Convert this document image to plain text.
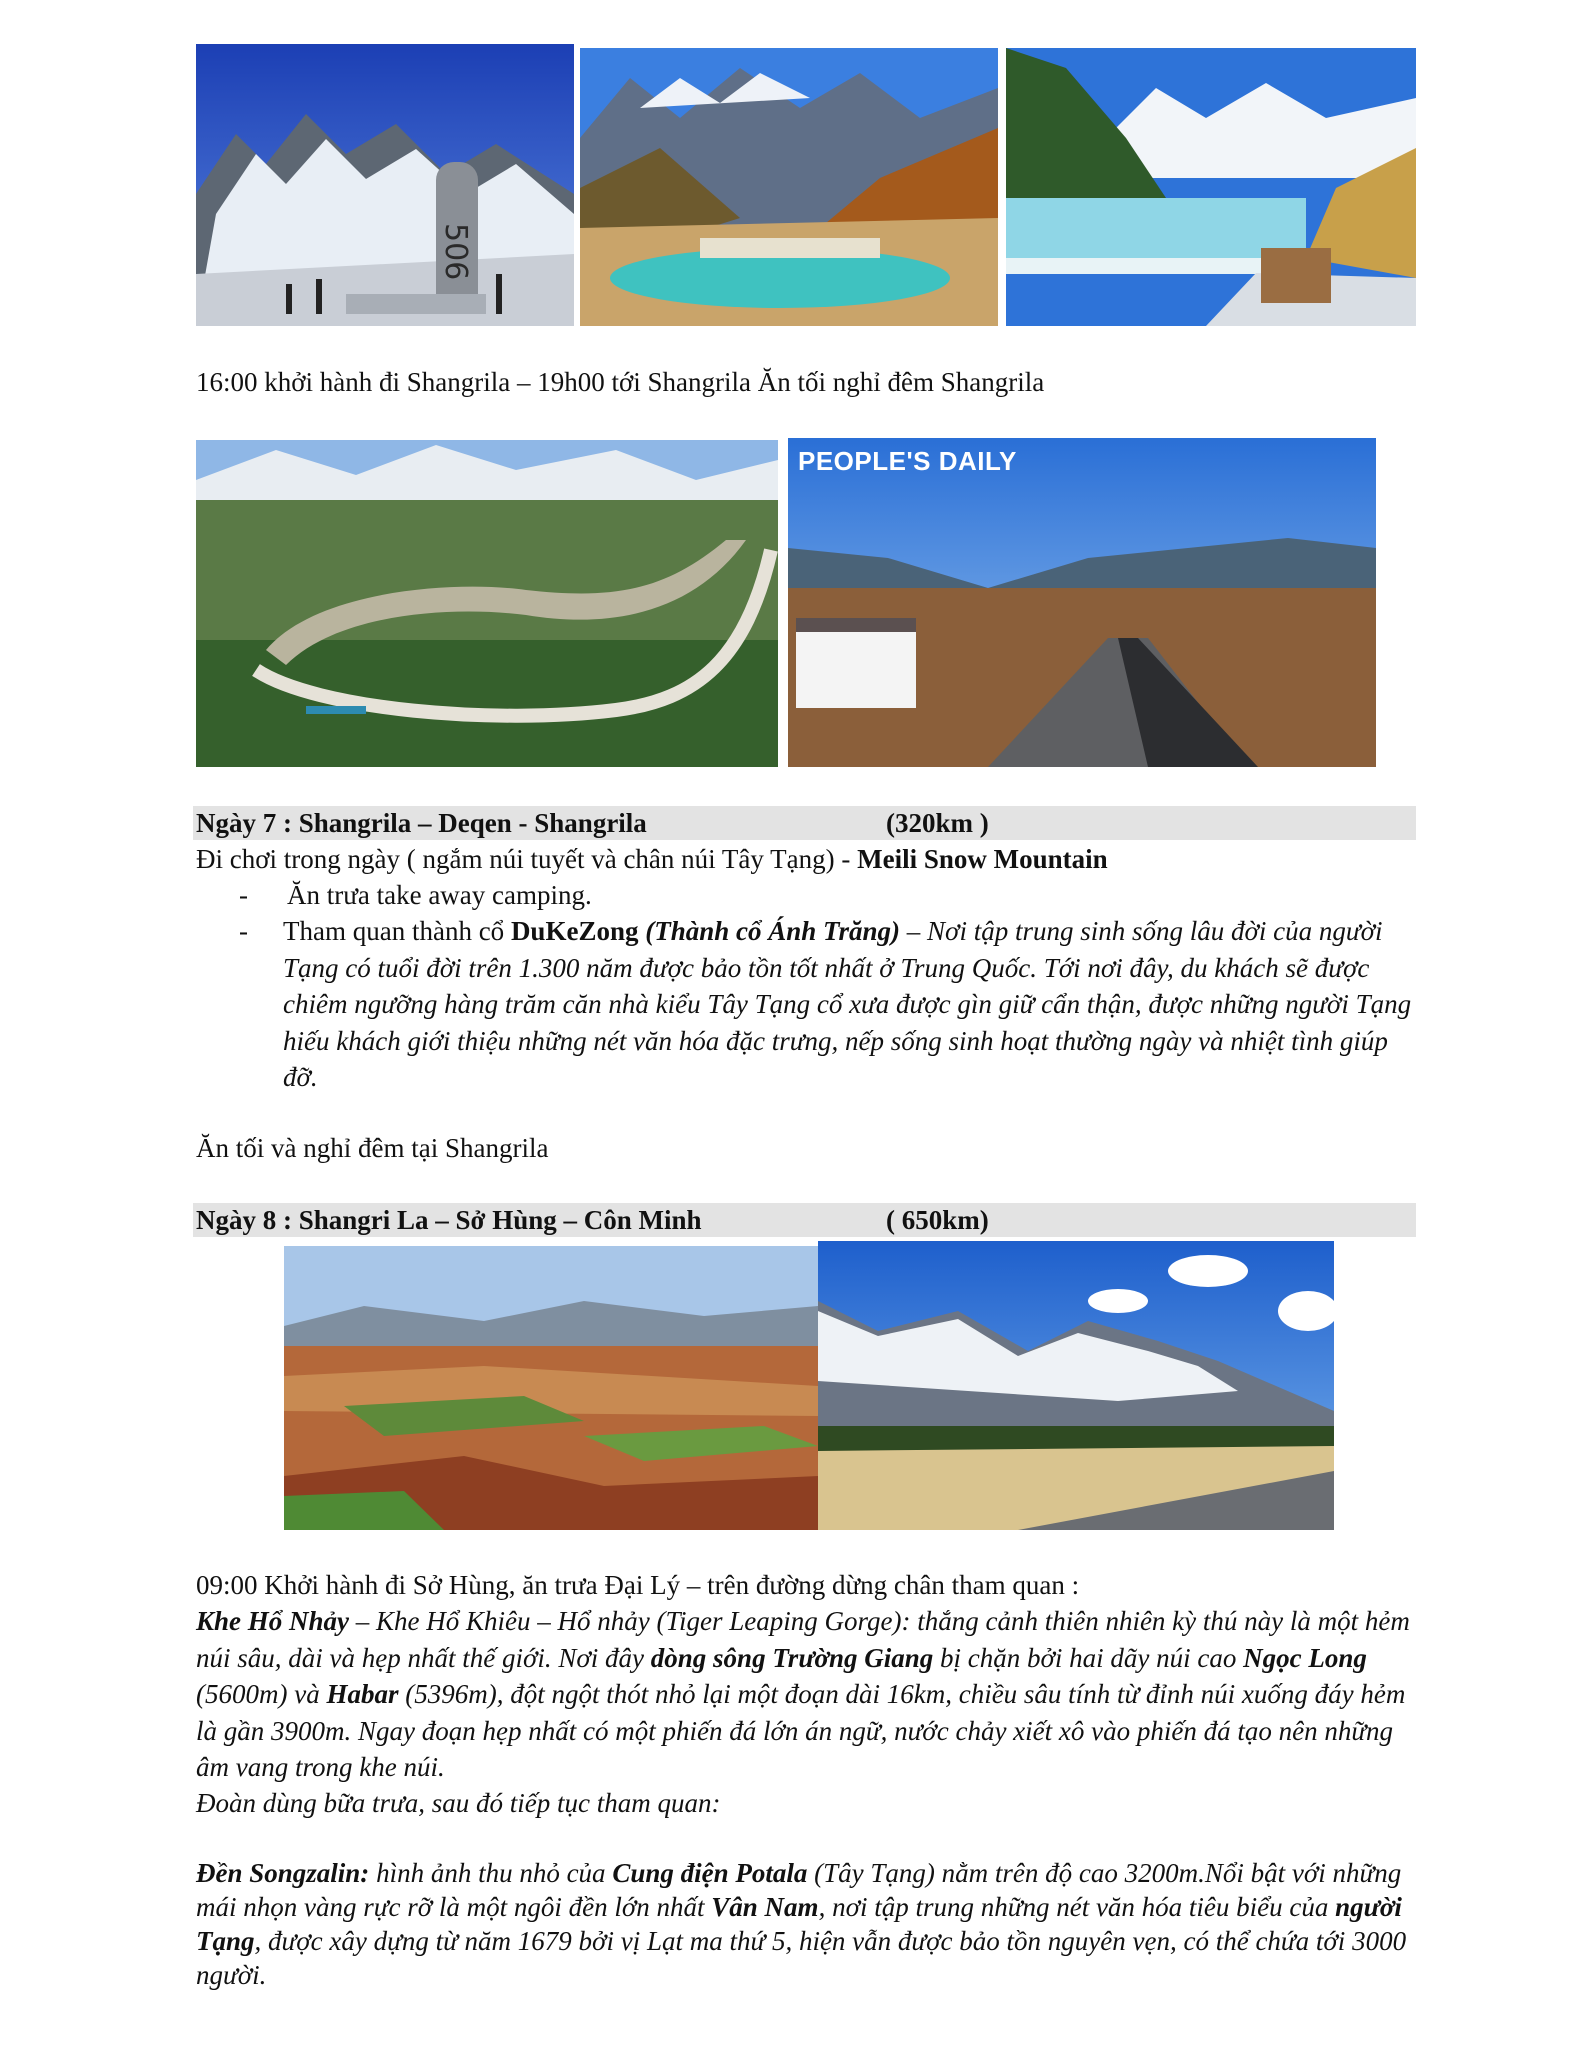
506
16:00 khởi hành đi Shangrila – 19h00 tới Shangrila Ăn tối nghỉ đêm Shangrila
PEOPLE'S DAILY
Ngày 7 : Shangrila – Deqen - Shangrila	(320km )
Đi chơi trong ngày ( ngắm núi tuyết và chân núi Tây Tạng) - Meili Snow Mountain
- Ăn trưa take away camping.
- Tham quan thành cổ DuKeZong (Thành cổ Ánh Trăng) – Nơi tập trung sinh sống lâu đời của người Tạng có tuổi đời trên 1.300 năm được bảo tồn tốt nhất ở Trung Quốc. Tới nơi đây, du khách sẽ được chiêm ngưỡng hàng trăm căn nhà kiểu Tây Tạng cổ xưa được gìn giữ cẩn thận, được những người Tạng hiếu khách giới thiệu những nét văn hóa đặc trưng, nếp sống sinh hoạt thường ngày và nhiệt tình giúp đỡ.
Ăn tối và nghỉ đêm tại Shangrila
Ngày 8 : Shangri La – Sở Hùng – Côn Minh	( 650km)
09:00 Khởi hành đi Sở Hùng, ăn trưa Đại Lý – trên đường dừng chân tham quan :
Khe Hổ Nhảy – Khe Hổ Khiêu – Hổ nhảy (Tiger Leaping Gorge): thắng cảnh thiên nhiên kỳ thú này là một hẻm núi sâu, dài và hẹp nhất thế giới. Nơi đây dòng sông Trường Giang bị chặn bởi hai dãy núi cao Ngọc Long (5600m) và Habar (5396m), đột ngột thót nhỏ lại một đoạn dài 16km, chiều sâu tính từ đỉnh núi xuống đáy hẻm là gần 3900m. Ngay đoạn hẹp nhất có một phiến đá lớn án ngữ, nước chảy xiết xô vào phiến đá tạo nên những âm vang trong khe núi.
Đoàn dùng bữa trưa, sau đó tiếp tục tham quan:
Đền Songzalin: hình ảnh thu nhỏ của Cung điện Potala (Tây Tạng) nằm trên độ cao 3200m.Nổi bật với những mái nhọn vàng rực rỡ là một ngôi đền lớn nhất Vân Nam, nơi tập trung những nét văn hóa tiêu biểu của người Tạng, được xây dựng từ năm 1679 bởi vị Lạt ma thứ 5, hiện vẫn được bảo tồn nguyên vẹn, có thể chứa tới 3000 người.
